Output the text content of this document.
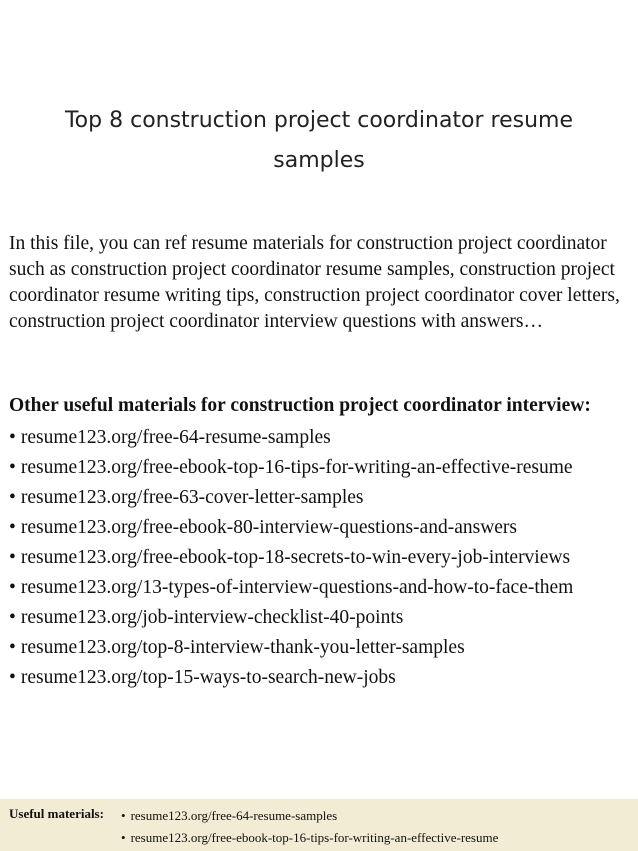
Top 8 construction project coordinator resume
samples

In this file, you can ref resume materials for construction project coordinator such as construction project coordinator resume samples, construction project coordinator resume writing tips, construction project coordinator cover letters, construction project coordinator interview questions with answers…

Other useful materials for construction project coordinator interview:

• resume123.org/free-64-resume-samples
• resume123.org/free-ebook-top-16-tips-for-writing-an-effective-resume
• resume123.org/free-63-cover-letter-samples
• resume123.org/free-ebook-80-interview-questions-and-answers
• resume123.org/free-ebook-top-18-secrets-to-win-every-job-interviews
• resume123.org/13-types-of-interview-questions-and-how-to-face-them
• resume123.org/job-interview-checklist-40-points
• resume123.org/top-8-interview-thank-you-letter-samples
• resume123.org/top-15-ways-to-search-new-jobs
Useful materials: • resume123.org/free-64-resume-samples
• resume123.org/free-ebook-top-16-tips-for-writing-an-effective-resume
